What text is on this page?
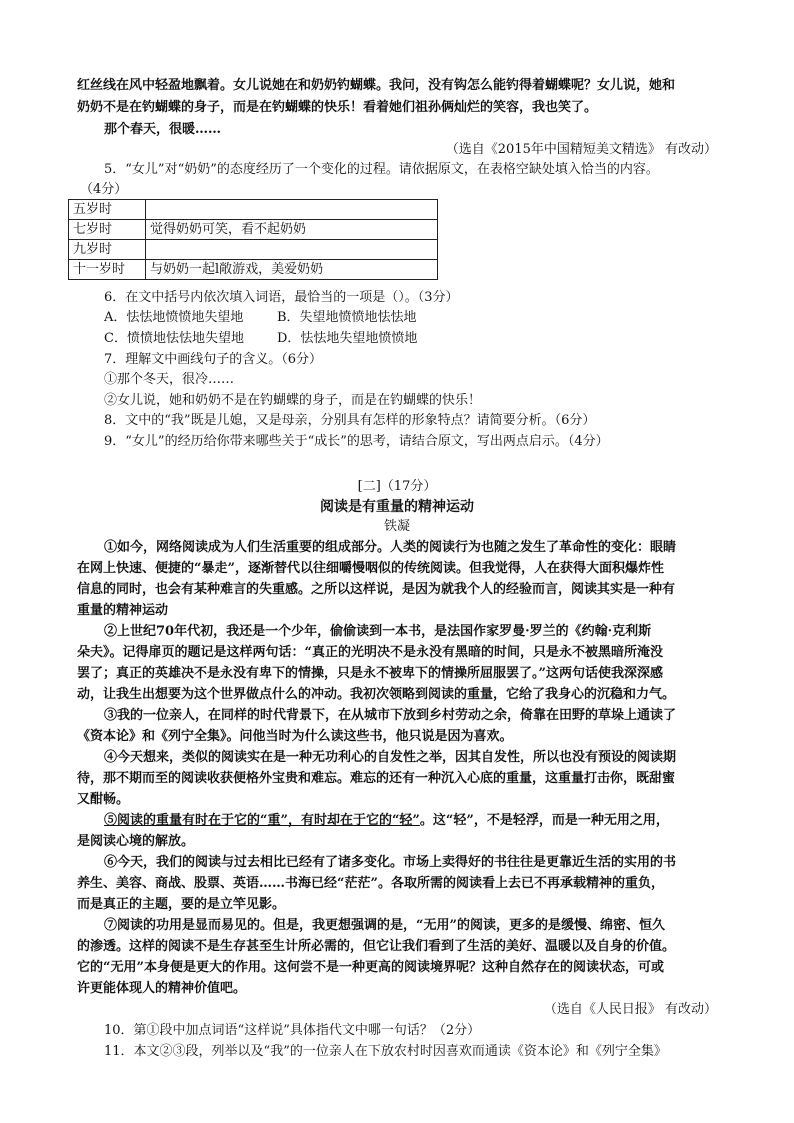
红丝线在风中轻盈地飘着。女儿说她在和奶奶钓蝴蝶。我问，没有钩怎么能钓得着蝴蝶呢？女儿说，她和
奶奶不是在钓蝴蝶的身子，而是在钓蝴蝶的快乐！看着她们祖孙俩灿烂的笑容，我也笑了。
那个春天，很暖……
（选自《2015年中国精短美文精选》 有改动）
5．“女儿”对“奶奶”的态度经历了一个变化的过程。请依据原文，在表格空缺处填入恰当的内容。
（4分）
五岁时	
七岁时	觉得奶奶可笑，看不起奶奶
九岁时	
十一岁时	与奶奶一起l敞游戏，美爱奶奶
6．在文中括号内依次填入词语，最恰当的一项是（）。（3分）
A．怯怯地愤愤地失望地	B．失望地愤愤地怯怯地
C．愤愤地怯怯地失望地	D．怯怯地失望地愤愤地
7．理解文中画线句子的含义。（6分）
①那个冬天，很冷……
②女儿说，她和奶奶不是在钓蝴蝶的身子，而是在钓蝴蝶的快乐！
8．文中的“我”既是儿媳，又是母亲，分别具有怎样的形象特点？请简要分析。（6分）
9．“女儿”的经历给你带来哪些关于“成长”的思考，请结合原文，写出两点启示。（4分）
[二]（17分）
阅读是有重量的精神运动
铁凝
①如今，网络阅读成为人们生活重要的组成部分。人类的阅读行为也随之发生了革命性的变化：眼睛
在网上快速、便捷的“暴走”，逐渐替代以往细嚼慢咽似的传统阅读。但我觉得，人在获得大面积爆炸性
信息的同时，也会有某种难言的失重感。之所以这样说，是因为就我个人的经验而言，阅读其实是一种有
重量的精神运动
②上世纪70年代初，我还是一个少年，偷偷读到一本书，是法国作家罗曼·罗兰的《约翰·克利斯
朵夫》。记得扉页的题记是这样两句话：“真正的光明决不是永没有黑暗的时间，只是永不被黑暗所淹没
罢了；真正的英雄决不是永没有卑下的情操，只是永不被卑下的情操所屈服罢了。”这两句话使我深深感
动，让我生出想要为这个世界做点什么的冲动。我初次领略到阅读的重量，它给了我身心的沉稳和力气。
③我的一位亲人，在同样的时代背景下，在从城市下放到乡村劳动之余，倚靠在田野的草垛上通读了
《资本论》和《列宁全集》。问他当时为什么读这些书，他只说是因为喜欢。
④今天想来，类似的阅读实在是一种无功利心的自发性之举，因其自发性，所以也没有预设的阅读期
待，那不期而至的阅读收获便格外宝贵和难忘。难忘的还有一种沉入心底的重量，这重量打击你，既甜蜜
又酣畅。
⑤阅读的重量有时在于它的“重”，有时却在于它的“轻”。这“轻”，不是轻浮，而是一种无用之用，
是阅读心境的解放。
⑥今天，我们的阅读与过去相比已经有了诸多变化。市场上卖得好的书往往是更靠近生活的实用的书
养生、美容、商战、股票、英语……书海已经“茫茫”。各取所需的阅读看上去已不再承载精神的重负，
而是真正的主题，要的是立竿见影。
⑦阅读的功用是显而易见的。但是，我更想强调的是，“无用”的阅读，更多的是缓慢、绵密、恒久
的渗透。这样的阅读不是生存甚至生计所必需的，但它让我们看到了生活的美好、温暖以及自身的价值。
它的“无用”本身便是更大的作用。这何尝不是一种更高的阅读境界呢？这种自然存在的阅读状态，可或
许更能体现人的精神价值吧。
（选自《人民日报》 有改动）
10．第①段中加点词语“这样说”具体指代文中哪一句话？（2分）
11．本文②③段，列举以及“我”的一位亲人在下放农村时因喜欢而通读《资本论》和《列宁全集》
